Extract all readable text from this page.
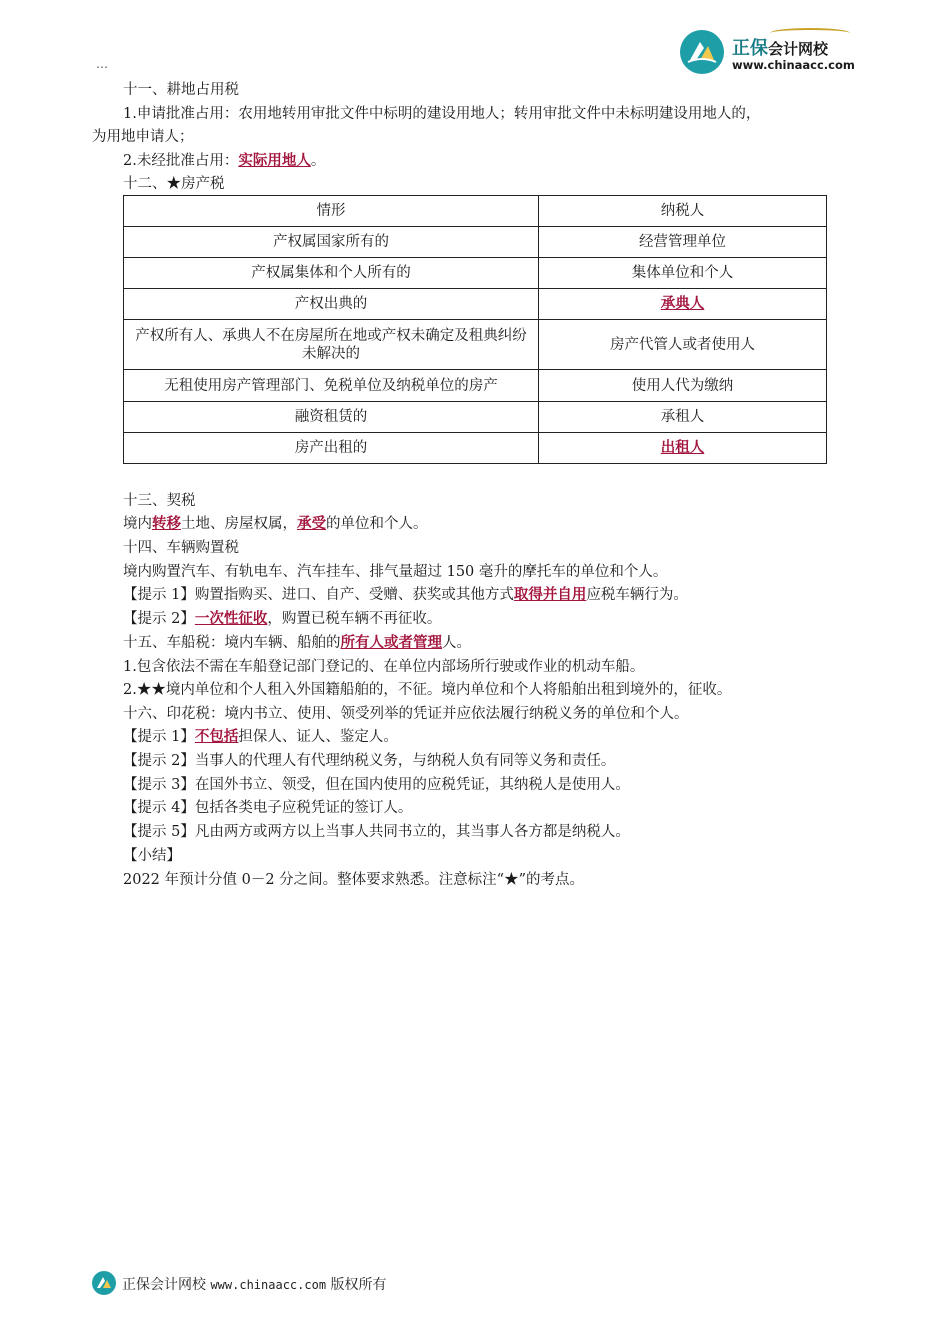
…
正保会计网校
www.chinaacc.com
十一、耕地占用税
1.申请批准占用：农用地转用审批文件中标明的建设用地人；转用审批文件中未标明建设用地人的，
为用地申请人；
2.未经批准占用：实际用地人。
十二、★房产税
情形	纳税人
产权属国家所有的	经营管理单位
产权属集体和个人所有的	集体单位和个人
产权出典的	承典人
产权所有人、承典人不在房屋所在地或产权未确定及租典纠纷未解决的	房产代管人或者使用人
无租使用房产管理部门、免税单位及纳税单位的房产	使用人代为缴纳
融资租赁的	承租人
房产出租的	出租人
十三、契税
境内转移土地、房屋权属，承受的单位和个人。
十四、车辆购置税
境内购置汽车、有轨电车、汽车挂车、排气量超过 150 毫升的摩托车的单位和个人。
【提示 1】购置指购买、进口、自产、受赠、获奖或其他方式取得并自用应税车辆行为。
【提示 2】一次性征收，购置已税车辆不再征收。
十五、车船税：境内车辆、船舶的所有人或者管理人。
1.包含依法不需在车船登记部门登记的、在单位内部场所行驶或作业的机动车船。
2.★★境内单位和个人租入外国籍船舶的，不征。境内单位和个人将船舶出租到境外的，征收。
十六、印花税：境内书立、使用、领受列举的凭证并应依法履行纳税义务的单位和个人。
【提示 1】不包括担保人、证人、鉴定人。
【提示 2】当事人的代理人有代理纳税义务，与纳税人负有同等义务和责任。
【提示 3】在国外书立、领受，但在国内使用的应税凭证，其纳税人是使用人。
【提示 4】包括各类电子应税凭证的签订人。
【提示 5】凡由两方或两方以上当事人共同书立的，其当事人各方都是纳税人。
【小结】
2022 年预计分值 0－2 分之间。整体要求熟悉。注意标注“★”的考点。
正保会计网校 www.chinaacc.com 版权所有
